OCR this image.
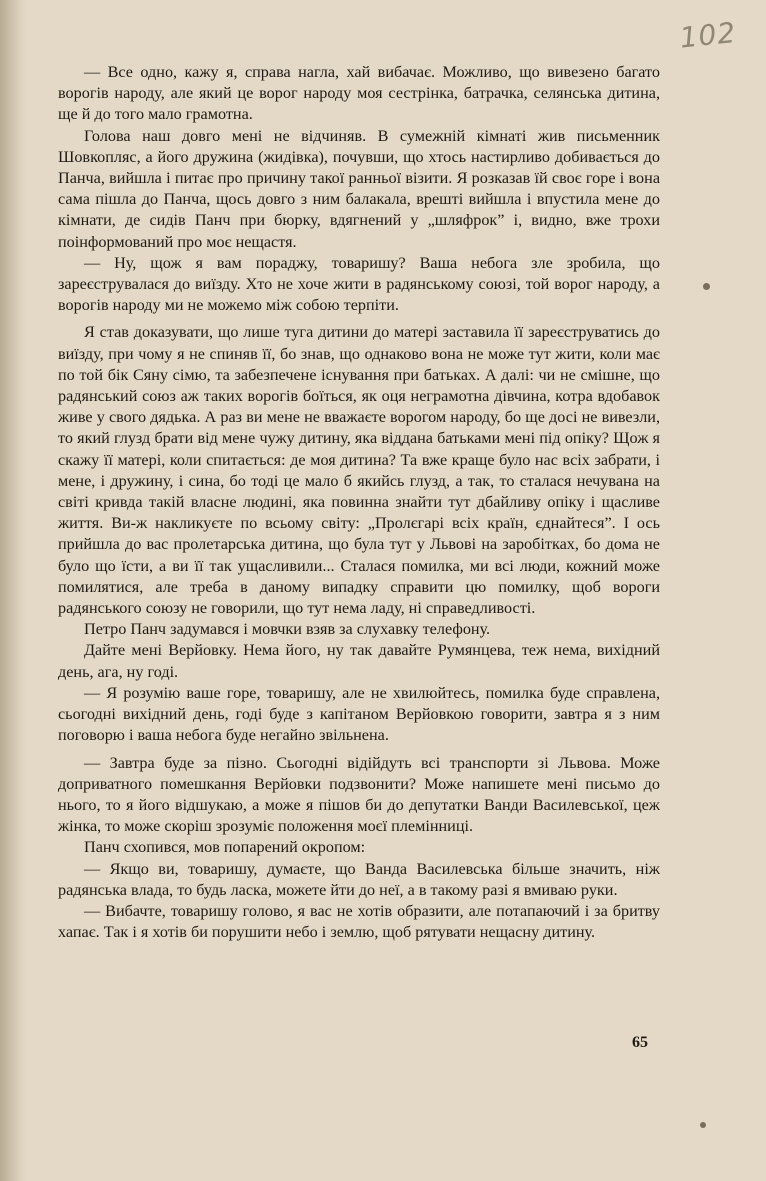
102

— Все одно, кажу я, справа нагла, хай вибачає. Можливо, що вивезено багато ворогів народу, але який це ворог народу моя сестрінка, батрачка, селянська дитина, ще й до того мало грамотна.

Голова наш довго мені не відчиняв. В сумежній кімнаті жив письменник Шовкопляс, а його дружина (жидівка), почувши, що хтось настирливо добивається до Панча, вийшла і питає про причину такої ранньої візити. Я розказав їй своє горе і вона сама пішла до Панча, щось довго з ним балакала, врешті вийшла і впустила мене до кімнати, де сидів Панч при бюрку, вдягнений у „шляфрок” і, видно, вже трохи поінформований про моє нещастя.

— Ну, щож я вам пораджу, товаришу? Ваша небога зле зробила, що зареєструвалася до виїзду. Хто не хоче жити в радянському союзі, той ворог народу, а ворогів народу ми не можемо між собою терпіти.

Я став доказувати, що лише туга дитини до матері заставила її зареєструватись до виїзду, при чому я не спиняв її, бо знав, що однаково вона не може тут жити, коли має по той бік Сяну сімю, та забезпечене існування при батьках. А далі: чи не смішне, що радянський союз аж таких ворогів боїться, як оця неграмотна дівчина, котра вдобавок живе у свого дядька. А раз ви мене не вважаєте ворогом народу, бо ще досі не вивезли, то який глузд брати від мене чужу дитину, яка віддана батьками мені під опіку? Щож я скажу її матері, коли спитається: де моя дитина? Та вже краще було нас всіх забрати, і мене, і дружину, і сина, бо тоді це мало б якийсь глузд, а так, то сталася нечувана на світі кривда такій власне людині, яка повинна знайти тут дбайливу опіку і щасливе життя. Ви-ж накликуєте по всьому світу: „Пролєгарі всіх країн, єднайтеся”. І ось прийшла до вас пролетарська дитина, що була тут у Львові на заробітках, бо дома не було що їсти, а ви її так ущасливили... Сталася помилка, ми всі люди, кожний може помилятися, але треба в даному випадку справити цю помилку, щоб вороги радянського союзу не говорили, що тут нема ладу, ні справедливості.

Петро Панч задумався і мовчки взяв за слухавку телефону.

Дайте мені Верйовку. Нема його, ну так давайте Румянцева, теж нема, вихідний день, ага, ну годі.

— Я розумію ваше горе, товаришу, але не хвилюйтесь, помилка буде справлена, сьогодні вихідний день, годі буде з капітаном Верйовкою говорити, завтра я з ним поговорю і ваша небога буде негайно звільнена.

— Завтра буде за пізно. Сьогодні відійдуть всі транспорти зі Львова. Може доприватного помешкання Верйовки подзвонити? Може напишете мені письмо до нього, то я його відшукаю, а може я пішов би до депутатки Ванди Василевської, цеж жінка, то може скоріш зрозуміє положення моєї племінниці.

Панч схопився, мов попарений окропом:

— Якщо ви, товаришу, думаєте, що Ванда Василевська більше значить, ніж радянська влада, то будь ласка, можете йти до неї, а в такому разі я вмиваю руки.

— Вибачте, товаришу голово, я вас не хотів образити, але потапаючий і за бритву хапає. Так і я хотів би порушити небо і землю, щоб рятувати нещасну дитину.

65
